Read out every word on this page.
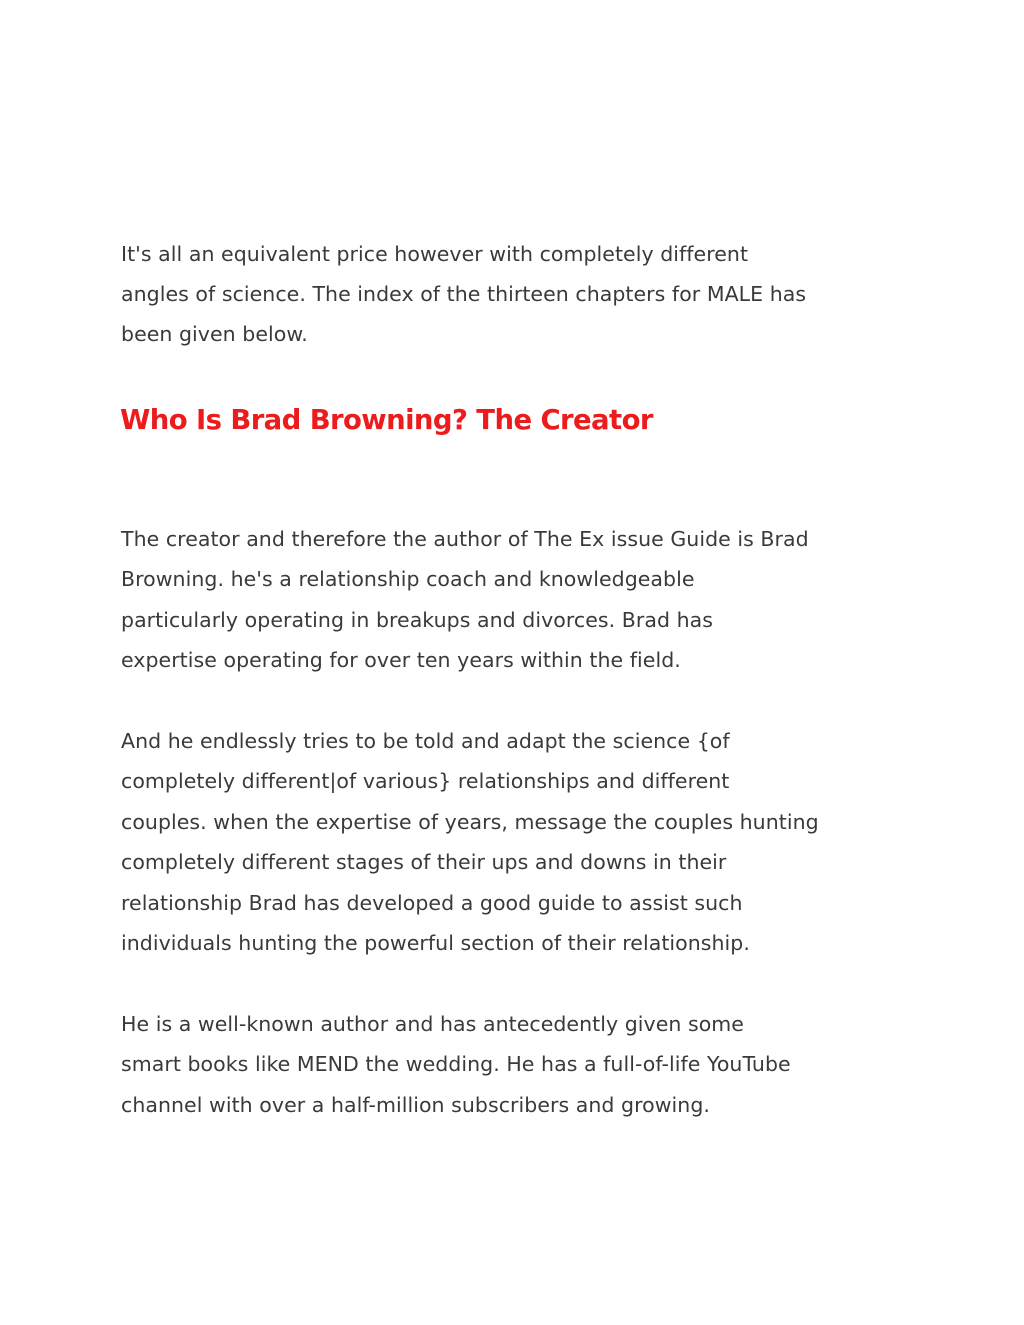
It's all an equivalent price however with completely different
angles of science. The index of the thirteen chapters for MALE has
been given below.
Who Is Brad Browning? The Creator
The creator and therefore the author of The Ex issue Guide is Brad
Browning. he's a relationship coach and knowledgeable
particularly operating in breakups and divorces. Brad has
expertise operating for over ten years within the field.
And he endlessly tries to be told and adapt the science {of
completely different|of various} relationships and different
couples. when the expertise of years, message the couples hunting
completely different stages of their ups and downs in their
relationship Brad has developed a good guide to assist such
individuals hunting the powerful section of their relationship.
He is a well-known author and has antecedently given some
smart books like MEND the wedding. He has a full-of-life YouTube
channel with over a half-million subscribers and growing.
